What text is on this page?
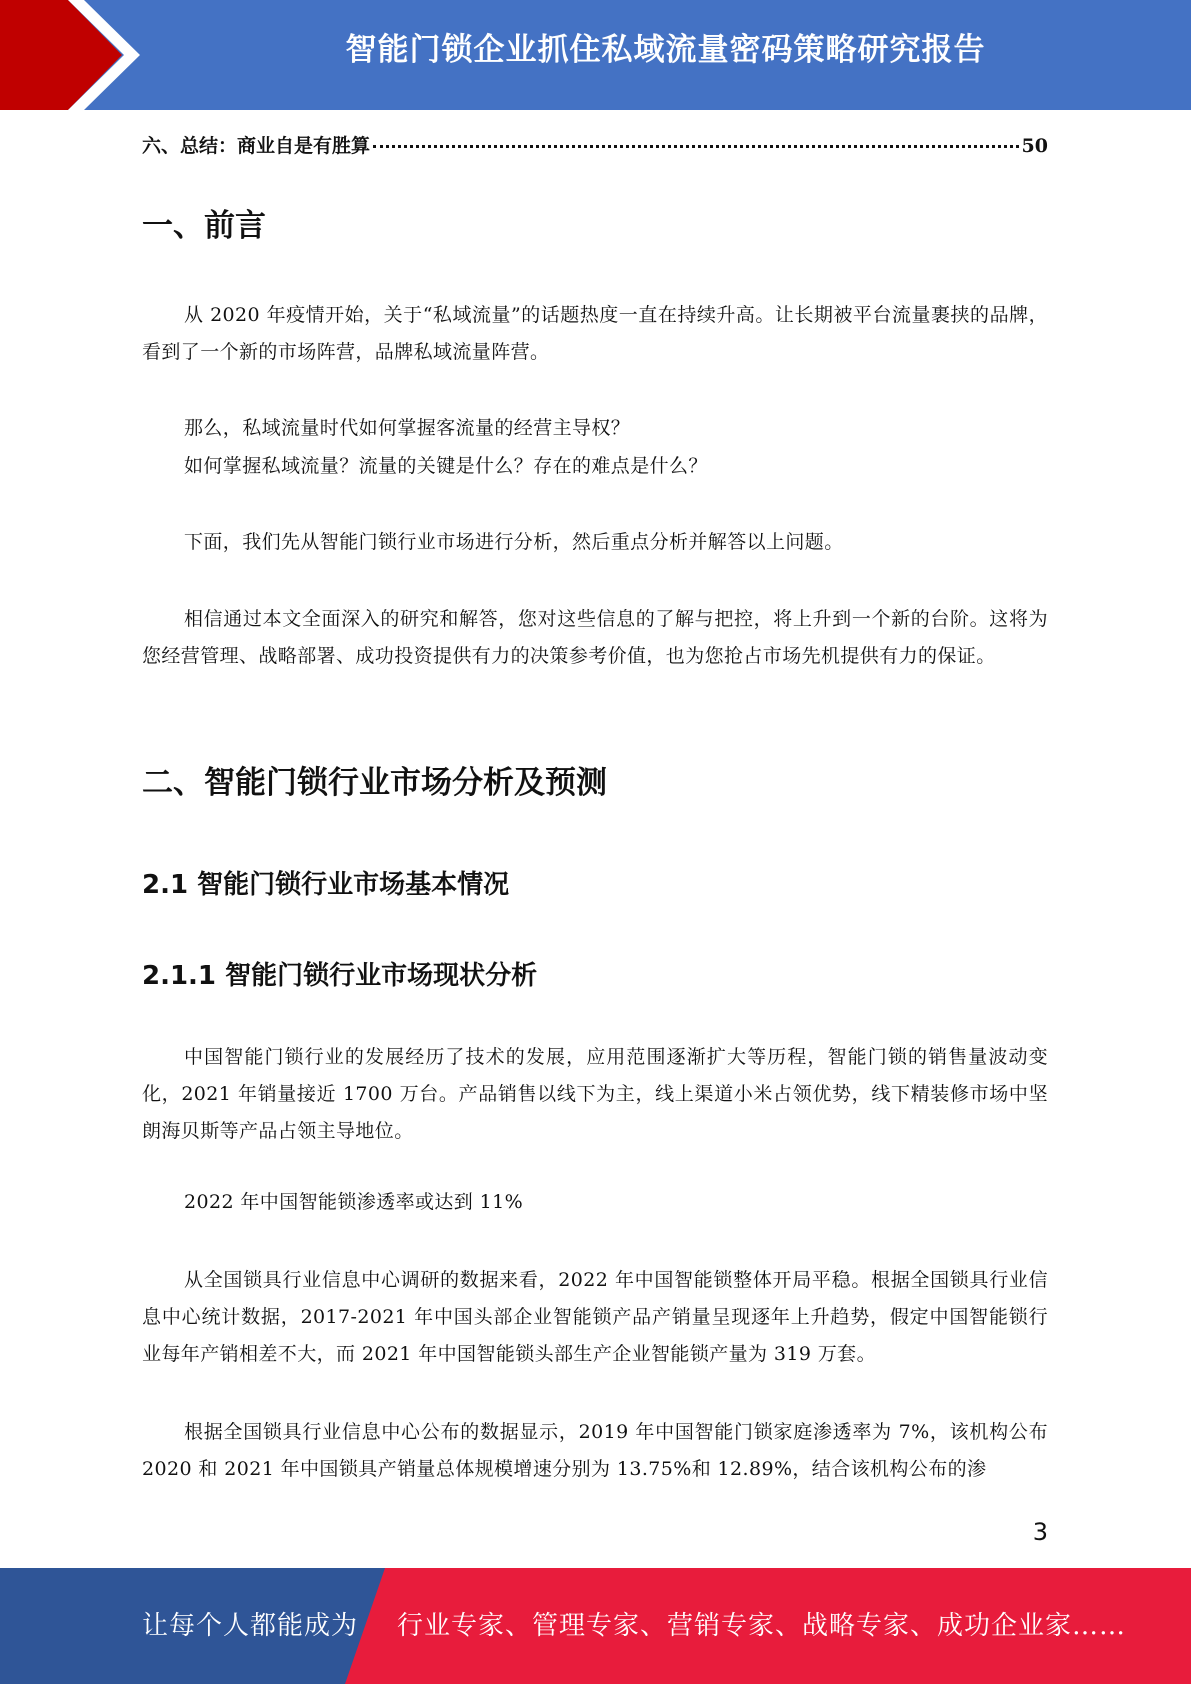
智能门锁企业抓住私域流量密码策略研究报告
六、总结：商业自是有胜算	50
一、前言

从 2020 年疫情开始，关于“私域流量”的话题热度一直在持续升高。让长期被平台流量裹挟的品牌，看到了一个新的市场阵营，品牌私域流量阵营。

那么，私域流量时代如何掌握客流量的经营主导权？

如何掌握私域流量？流量的关键是什么？存在的难点是什么？

下面，我们先从智能门锁行业市场进行分析，然后重点分析并解答以上问题。

相信通过本文全面深入的研究和解答，您对这些信息的了解与把控，将上升到一个新的台阶。这将为您经营管理、战略部署、成功投资提供有力的决策参考价值，也为您抢占市场先机提供有力的保证。

二、智能门锁行业市场分析及预测
2.1 智能门锁行业市场基本情况
2.1.1 智能门锁行业市场现状分析

中国智能门锁行业的发展经历了技术的发展，应用范围逐渐扩大等历程，智能门锁的销售量波动变化，2021 年销量接近 1700 万台。产品销售以线下为主，线上渠道小米占领优势，线下精装修市场中坚朗海贝斯等产品占领主导地位。

2022 年中国智能锁渗透率或达到 11%

从全国锁具行业信息中心调研的数据来看，2022 年中国智能锁整体开局平稳。根据全国锁具行业信息中心统计数据，2017-2021 年中国头部企业智能锁产品产销量呈现逐年上升趋势，假定中国智能锁行业每年产销相差不大，而 2021 年中国智能锁头部生产企业智能锁产量为 319 万套。

根据全国锁具行业信息中心公布的数据显示，2019 年中国智能门锁家庭渗透率为 7%，该机构公布 2020 和 2021 年中国锁具产销量总体规模增速分别为 13.75%和 12.89%，结合该机构公布的渗

3
让每个人都能成为 行业专家、管理专家、营销专家、战略专家、成功企业家……
